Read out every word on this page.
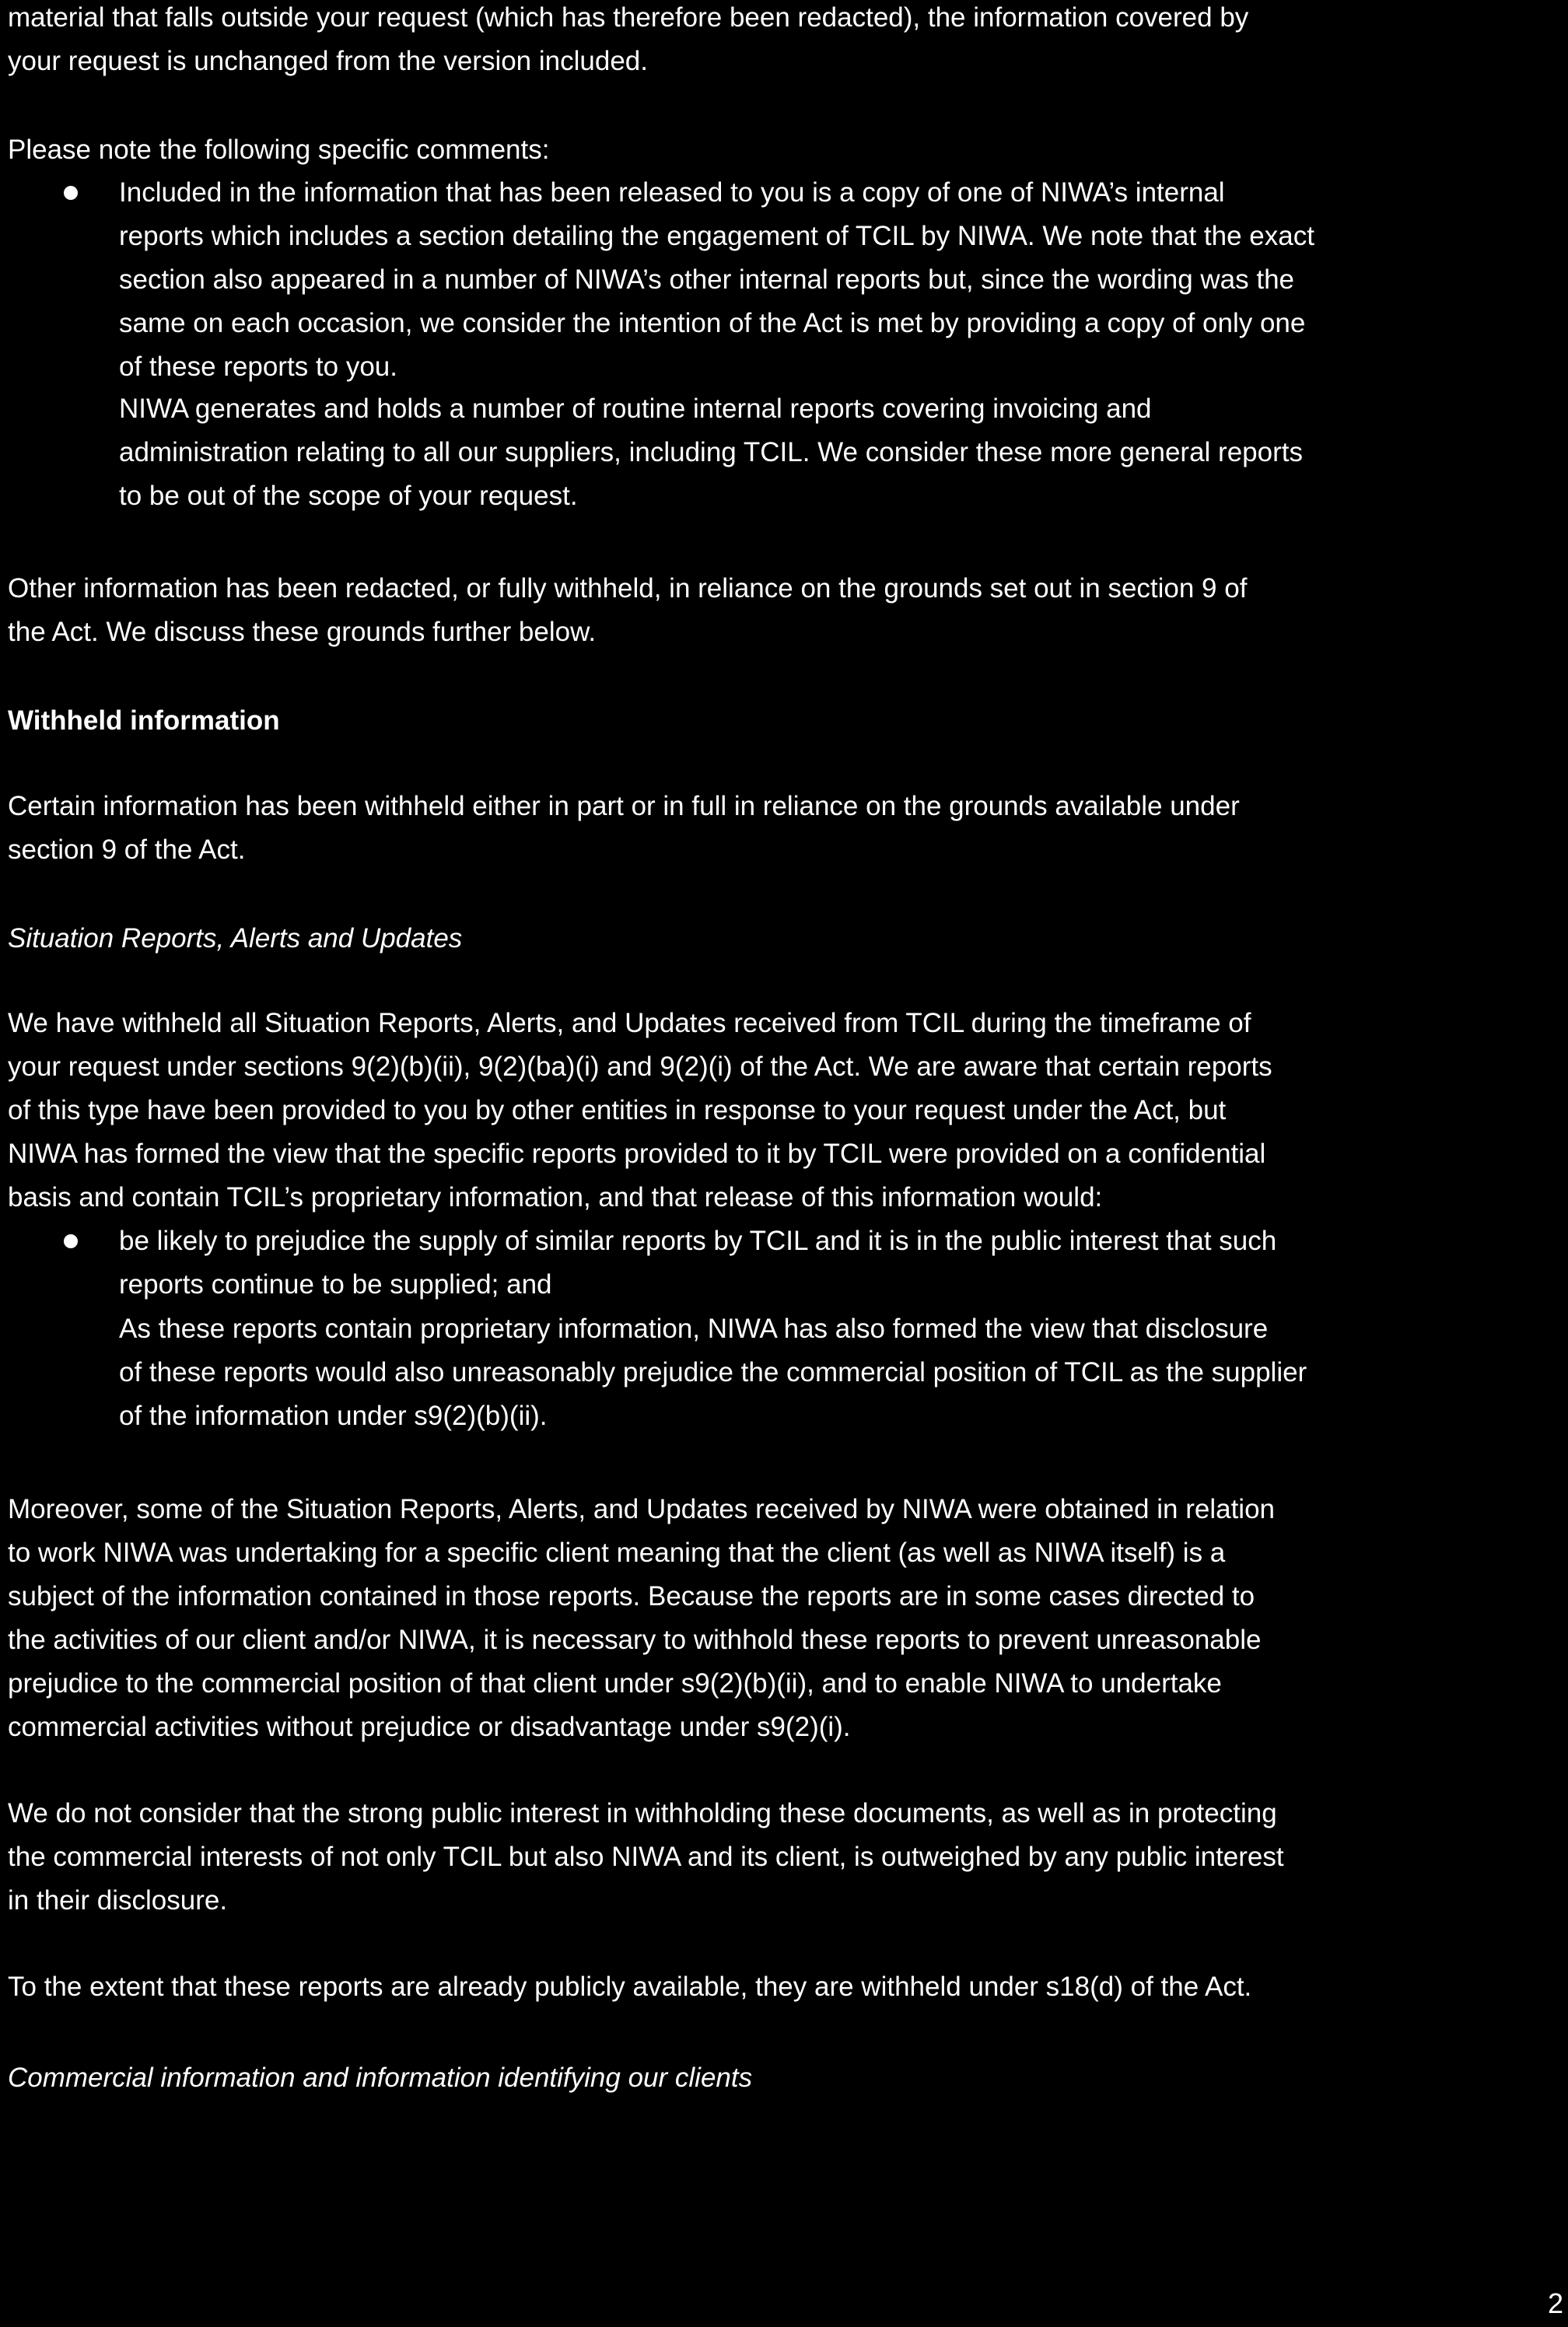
material that falls outside your request (which has therefore been redacted), the information covered by
your request is unchanged from the version included.
Please note the following specific comments:
Included in the information that has been released to you is a copy of one of NIWA’s internal
reports which includes a section detailing the engagement of TCIL by NIWA. We note that the exact
section also appeared in a number of NIWA’s other internal reports but, since the wording was the
same on each occasion, we consider the intention of the Act is met by providing a copy of only one
of these reports to you.
NIWA generates and holds a number of routine internal reports covering invoicing and
administration relating to all our suppliers, including TCIL. We consider these more general reports
to be out of the scope of your request.
Other information has been redacted, or fully withheld, in reliance on the grounds set out in section 9 of
the Act. We discuss these grounds further below.
Withheld information
Certain information has been withheld either in part or in full in reliance on the grounds available under
section 9 of the Act.
Situation Reports, Alerts and Updates
We have withheld all Situation Reports, Alerts, and Updates received from TCIL during the timeframe of
your request under sections 9(2)(b)(ii), 9(2)(ba)(i) and 9(2)(i) of the Act. We are aware that certain reports
of this type have been provided to you by other entities in response to your request under the Act, but
NIWA has formed the view that the specific reports provided to it by TCIL were provided on a confidential
basis and contain TCIL’s proprietary information, and that release of this information would:
be likely to prejudice the supply of similar reports by TCIL and it is in the public interest that such
reports continue to be supplied; and
As these reports contain proprietary information, NIWA has also formed the view that disclosure
of these reports would also unreasonably prejudice the commercial position of TCIL as the supplier
of the information under s9(2)(b)(ii).
Moreover, some of the Situation Reports, Alerts, and Updates received by NIWA were obtained in relation
to work NIWA was undertaking for a specific client meaning that the client (as well as NIWA itself) is a
subject of the information contained in those reports. Because the reports are in some cases directed to
the activities of our client and/or NIWA, it is necessary to withhold these reports to prevent unreasonable
prejudice to the commercial position of that client under s9(2)(b)(ii), and to enable NIWA to undertake
commercial activities without prejudice or disadvantage under s9(2)(i).
We do not consider that the strong public interest in withholding these documents, as well as in protecting
the commercial interests of not only TCIL but also NIWA and its client, is outweighed by any public interest
in their disclosure.
To the extent that these reports are already publicly available, they are withheld under s18(d) of the Act.
Commercial information and information identifying our clients
2
